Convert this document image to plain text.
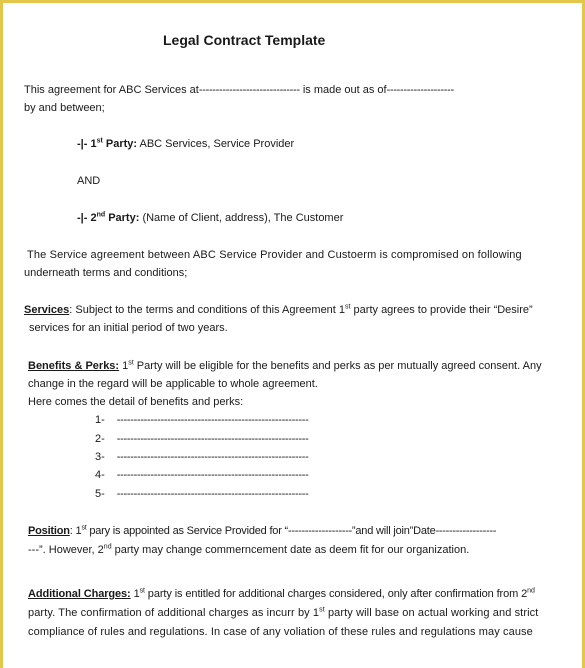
Legal Contract Template
This agreement for ABC Services at------------------------------ is made out as of--------------------
by and between;
-|- 1st Party: ABC Services, Service Provider
AND
-|- 2nd Party: (Name of Client, address), The Customer
The Service agreement between ABC Service Provider and Custoerm is compromised on following
underneath terms and conditions;
Services: Subject to the terms and conditions of this Agreement 1st party agrees to provide their “Desire”
services for an initial period of two years.
Benefits & Perks: 1st Party will be eligible for the benefits and perks as per mutually agreed consent. Any
change in the regard will be applicable to whole agreement.
Here comes the detail of benefits and perks:
1- ---------------------------------------------------------
2- ---------------------------------------------------------
3- ---------------------------------------------------------
4- ---------------------------------------------------------
5- ---------------------------------------------------------
Position: 1st pary is appointed as Service Provided for “-------------------”and will join”Date------------------
---”. However, 2nd party may change commerncement date as deem fit for our organization.
Additional Charges: 1st party is entitled for additional charges considered, only after confirmation from 2nd
party. The confirmation of additional charges as incurr by 1st party will base on actual working and strict
compliance of rules and regulations. In case of any voliation of these rules and regulations may cause
